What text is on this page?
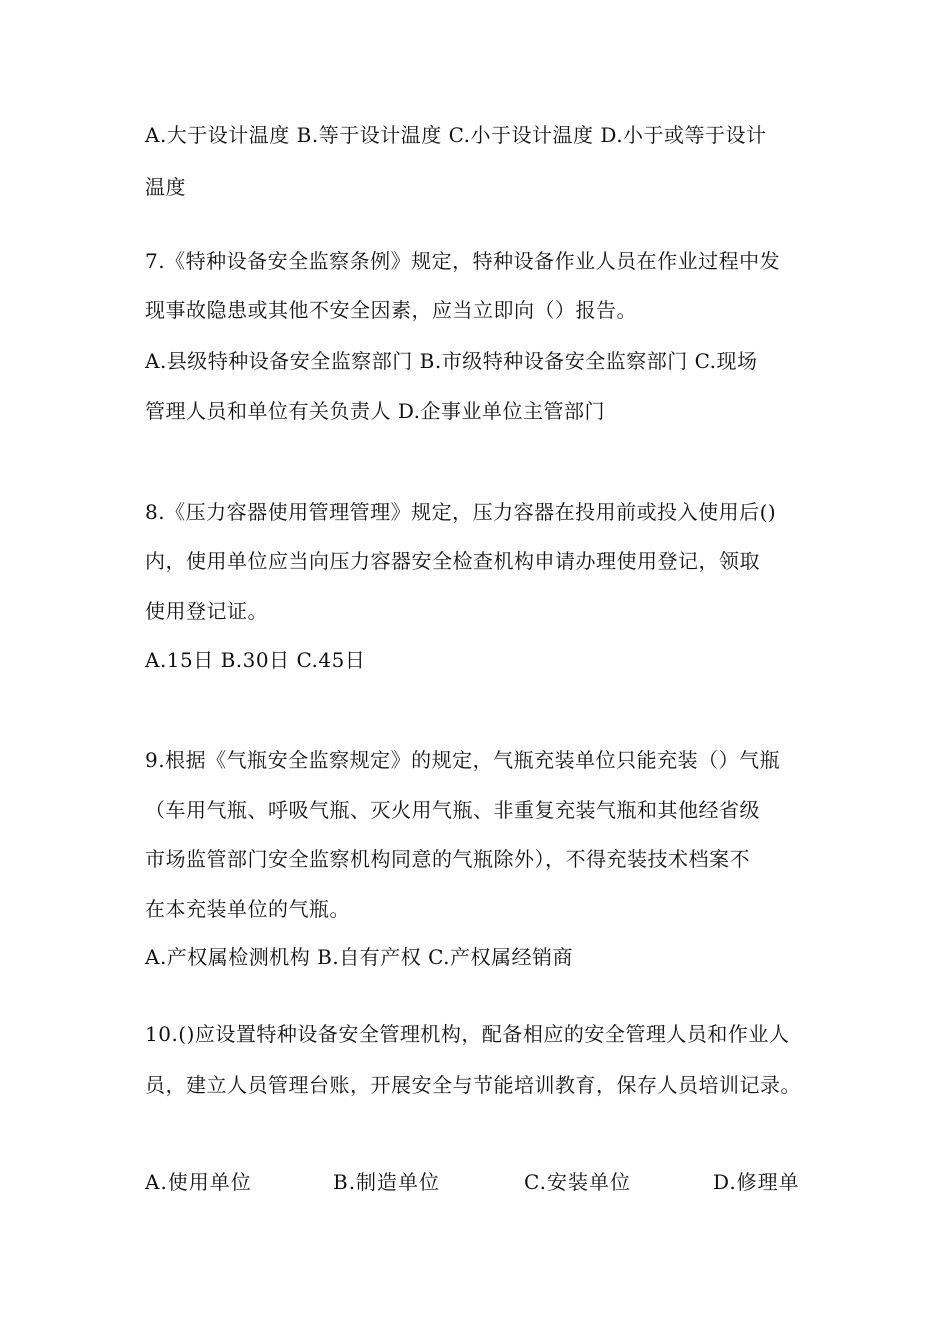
A.大于设计温度 B.等于设计温度 C.小于设计温度 D.小于或等于设计
温度
7.《特种设备安全监察条例》规定，特种设备作业人员在作业过程中发
现事故隐患或其他不安全因素，应当立即向（）报告。
A.县级特种设备安全监察部门 B.市级特种设备安全监察部门 C.现场
管理人员和单位有关负责人 D.企事业单位主管部门
8.《压力容器使用管理管理》规定，压力容器在投用前或投入使用后()
内，使用单位应当向压力容器安全检查机构申请办理使用登记，领取
使用登记证。
A.15日 B.30日 C.45日
9.根据《气瓶安全监察规定》的规定，气瓶充装单位只能充装（）气瓶
（车用气瓶、呼吸气瓶、灭火用气瓶、非重复充装气瓶和其他经省级
市场监管部门安全监察机构同意的气瓶除外），不得充装技术档案不
在本充装单位的气瓶。
A.产权属检测机构 B.自有产权 C.产权属经销商
10.()应设置特种设备安全管理机构，配备相应的安全管理人员和作业人
员，建立人员管理台账，开展安全与节能培训教育，保存人员培训记录。
A.使用单位	B.制造单位	C.安装单位	D.修理单
